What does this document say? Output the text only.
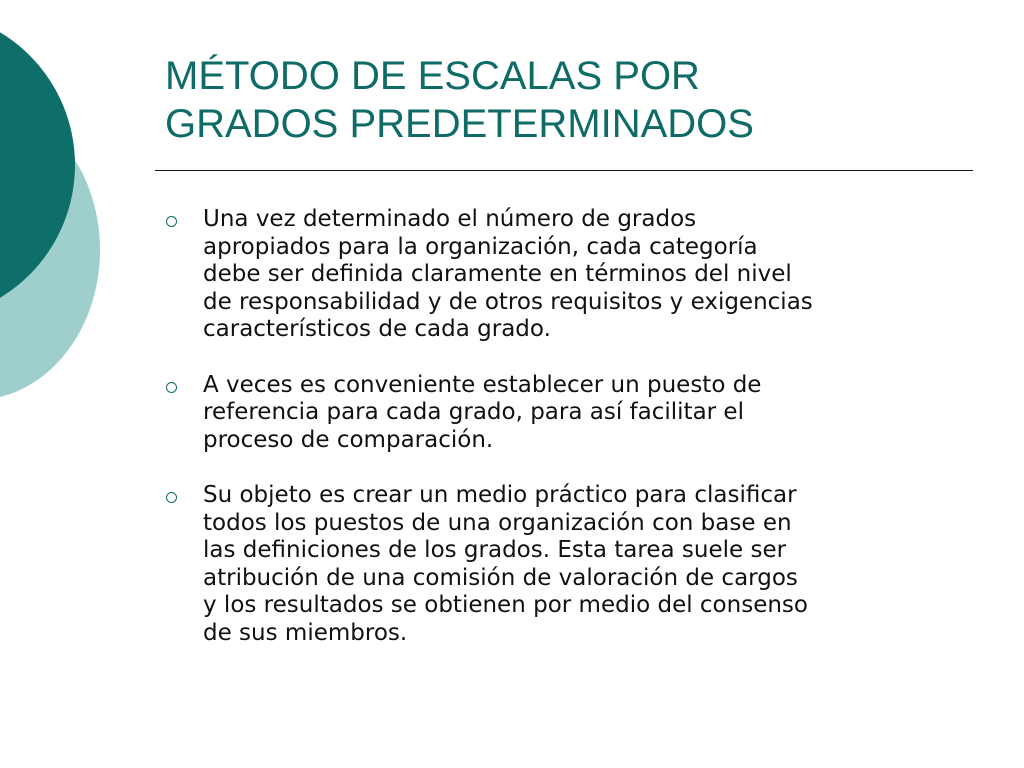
MÉTODO DE ESCALAS POR
GRADOS PREDETERMINADOS
Una vez determinado el número de grados
apropiados para la organización, cada categoría
debe ser definida claramente en términos del nivel
de responsabilidad y de otros requisitos y exigencias
característicos de cada grado.
A veces es conveniente establecer un puesto de
referencia para cada grado, para así facilitar el
proceso de comparación.
Su objeto es crear un medio práctico para clasificar
todos los puestos de una organización con base en
las definiciones de los grados. Esta tarea suele ser
atribución de una comisión de valoración de cargos
y los resultados se obtienen por medio del consenso
de sus miembros.
